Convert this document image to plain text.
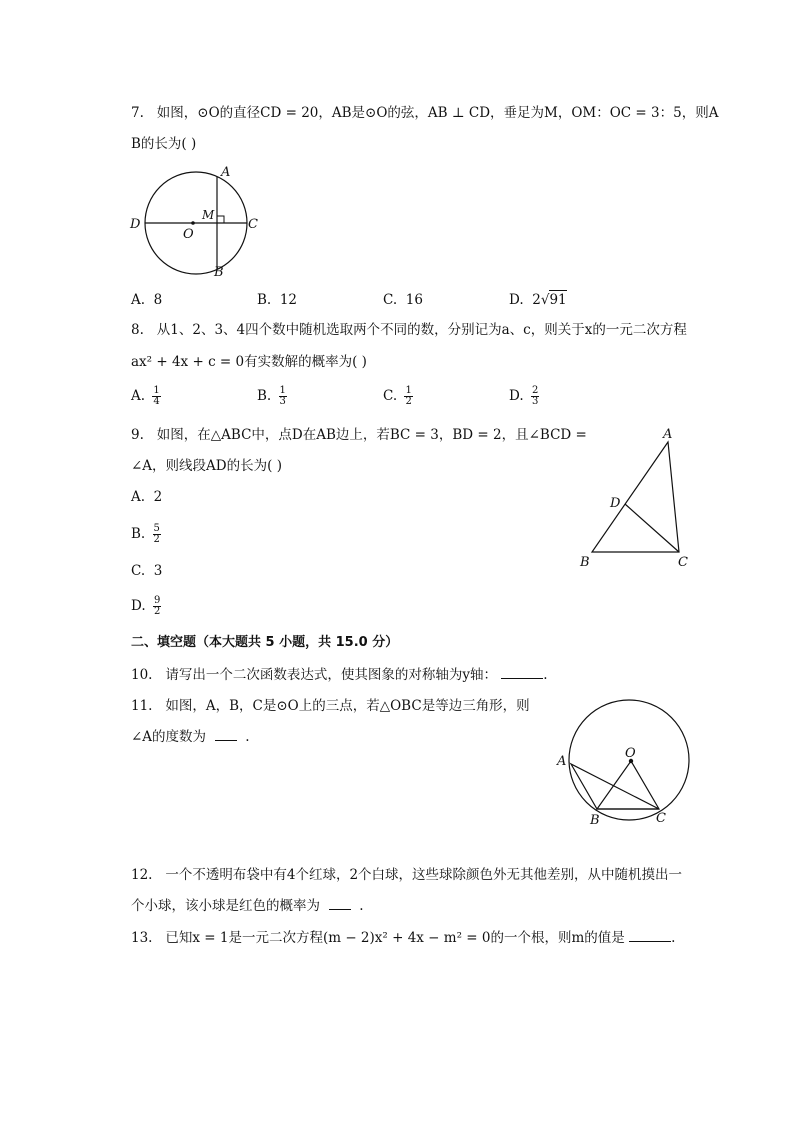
7. 如图，⊙O的直径CD = 20，AB是⊙O的弦，AB ⊥ CD，垂足为M，OM：OC = 3：5，则A
B的长为( )
A
B
C
D
O
M
A. 8	B. 12	C. 16	D. 2√91
8. 从1、2、3、4四个数中随机选取两个不同的数，分别记为a、c，则关于x的一元二次方程
ax² + 4x + c = 0有实数解的概率为( )
A. $\frac{1}{4}$	B. $\frac{1}{3}$	C. $\frac{1}{2}$	D. $\frac{2}{3}$
9. 如图，在△ABC中，点D在AB边上，若BC = 3，BD = 2，且∠BCD =
∠A，则线段AD的长为( )
A
B	C
D
A. 2
B. $\frac{5}{2}$
C. 3
D. $\frac{9}{2}$
二、填空题（本大题共 5 小题，共 15.0 分）
10. 请写出一个二次函数表达式，使其图象的对称轴为y轴：	.
11. 如图，A，B，C是⊙O上的三点，若△OBC是等边三角形，则
∠A的度数为	.
A
B	C
O
12. 一个不透明布袋中有4个红球，2个白球，这些球除颜色外无其他差别，从中随机摸出一
个小球，该小球是红色的概率为	.
13. 已知x = 1是一元二次方程(m − 2)x² + 4x − m² = 0的一个根，则m的值是	.
